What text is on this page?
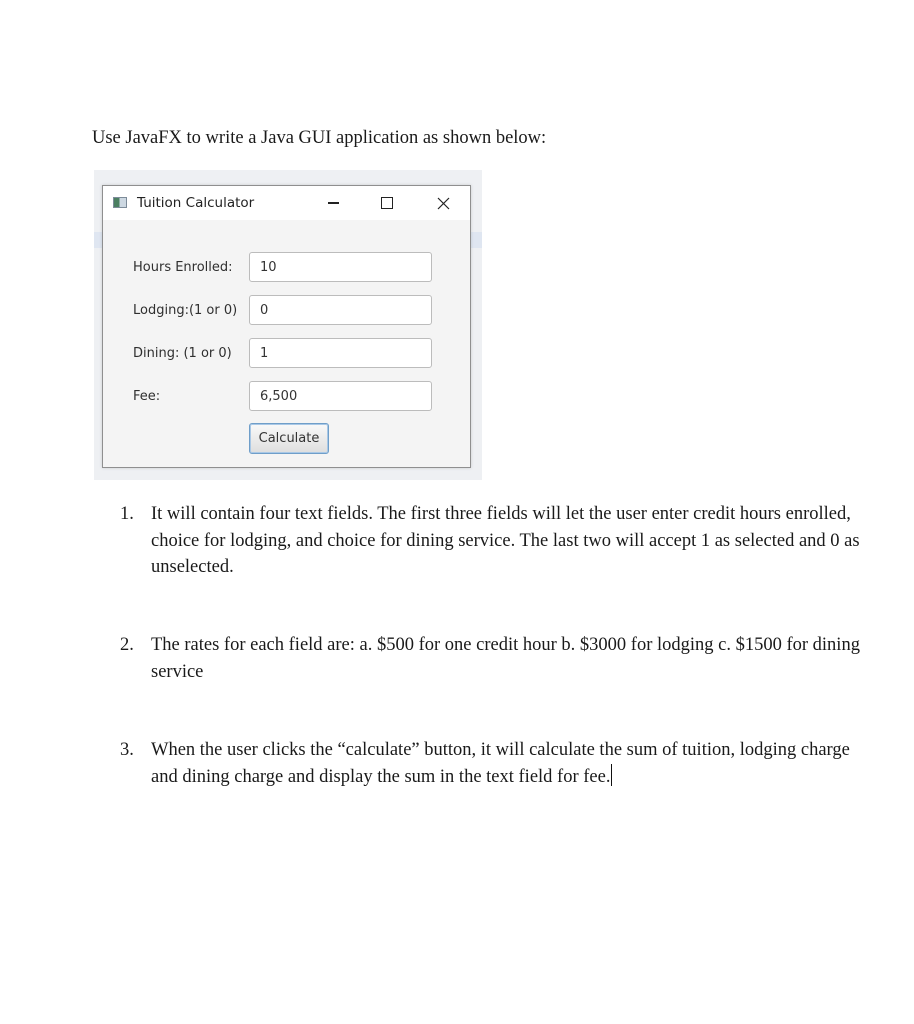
Use JavaFX to write a Java GUI application as shown below:
Tuition Calculator
Hours Enrolled:
10
Lodging:(1 or 0)
0
Dining: (1 or 0)
1
Fee:
6,500
Calculate
1. It will contain four text fields. The first three fields will let the user enter credit hours enrolled, choice for lodging, and choice for dining service. The last two will accept 1 as selected and 0 as unselected.
2. The rates for each field are: a. $500 for one credit hour b. $3000 for lodging c. $1500 for dining service
3. When the user clicks the “calculate” button, it will calculate the sum of tuition, lodging charge and dining charge and display the sum in the text field for fee.
